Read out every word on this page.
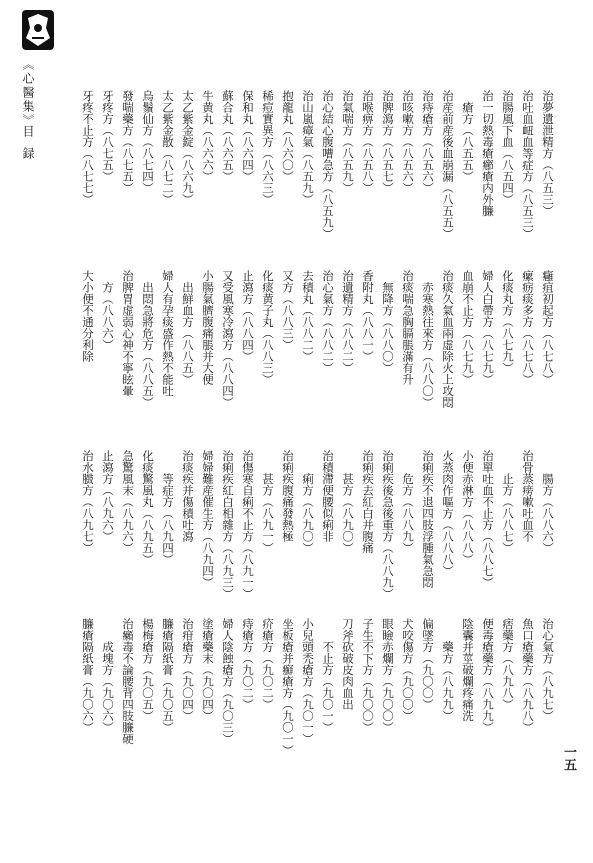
《心醫集》
目録	治夢遺泄精方（八五三）
治吐血衄血等症方（八五三）
治腸風下血（八五四）
治一切熱毒瘡癤瘡内外臁
　瘡方（八五五）
治産前産後血崩漏（八五五）
治痔瘡方（八五六）
治咳嗽方（八五六）
治脾瀉方（八五七）
治喉痹方（八五八）
治氣喘方（八五九）
治心結心腹嘈急方（八五九）
治山嵐瘴氣（八五九）
抱龍丸（八六〇）
稀痘實異方（八六三）
保和丸（八六四）
蘇合丸（八六五）
牛黄丸（八六六）
太乙紫金錠（八六九）
太乙紫金散（八七二）
烏鬚仙方（八七四）
發喘藥方（八七五）
牙疼方（八七五）
牙疼不止方（八七七）
癰疽初起方（八七八）
瘰疬痰多方（八七八）
化痰丸方（八七九）
婦人白帶方（八七九）
血崩不止方（八七九）
治痰久氣血兩虚除火上攻悶
　赤寒熱往來方（八八〇）
治痰喘急胸膈脹滿有升
　無降方（八八〇）
香附丸（八八一）
治遺精方（八八二）
治心氣方（八八二）
去積丸（八八二）
又方（八八三）
化痰黄子丸（八八三）
止瀉方（八八四）
又受風寒冷瀉方（八八四）
小腸氣臍腹痛脹并大便
　出鮮血方（八八五）
婦人有孕痰盛作熱不能吐
　出悶急將危方（八八五）
治脾胃虚弱心神不寧眩暈
　方（八八六）
大小便不通分利除
　　腸方（八八六）
治骨蒸痨嗽吐血不
　　止方（八八七）
治單吐血不止方（八八七）
小便赤淋方（八八八）
火蒸肉作嘔方（八八八）
治痢疾不退四肢浮腫氣急悶
　　危方（八八九）
治痢疾後急後重方（八八九）
治痢疾去紅白并腹痛
　　甚方（八九〇）
治積滯便腰似痢非
　　痢方（八九〇）
治痢疾腹痛發熱極
　　甚方（八九一）
治傷寒自痢不止方（八九一）
治痢疾紅白相雜方（八九三）
婦婦難産催生方（八九四）
治痰疾并傷積吐瀉
　　等症方（八九四）
化痰驚風丸（八九五）
急驚風末（八九六）
止瀉方（八九六）
治水臌方（八九七）
治心氣方（八九七）
魚口瘡藥方（八九八）
痞藥方（八九八）
便毒瘡藥方（八九九）
陰囊并莖破爛疼痛洗
　　藥方（八九九）
偏墜方（九〇〇）
犬咬傷方（九〇〇）
眼瞼赤爛方（九〇〇）
子生不下方（九〇〇）
刀斧砍破皮肉血出
　　不止方（九〇一）
小兒頭禿瘡方（九〇一）
坐板瘡并癬瘡方（九〇一）
疥瘡方（九〇二）
痔瘡方（九〇二）
婦人陰蝕瘡方（九〇三）
塗瘡藥末（九〇四）
治疳瘡方（九〇四）
臁瘡隔紙膏（九〇五）
楊梅瘡方（九〇五）
治癩毒不論腰背四肢臁硬
　　成塊方（九〇六）
臁瘡隔紙膏（九〇六）
一五
